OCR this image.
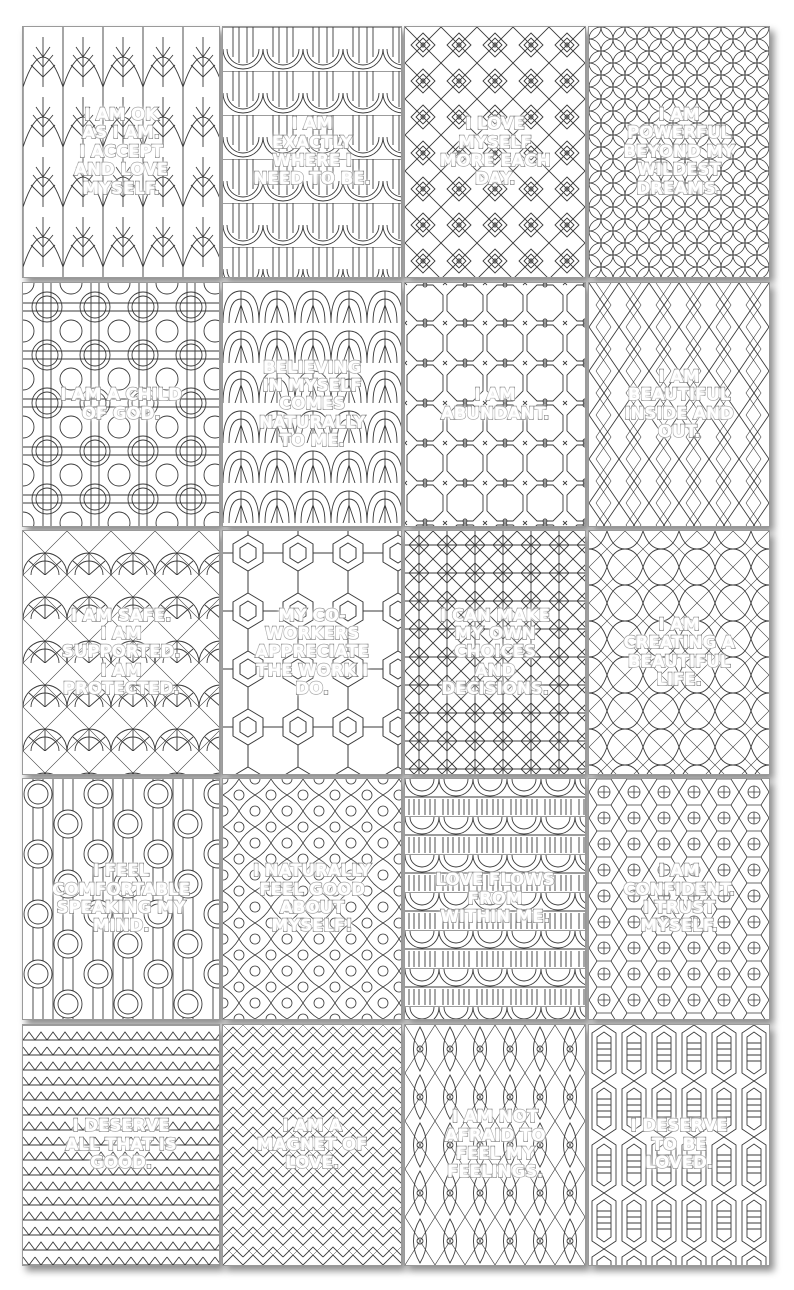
I AM OK
AS I AM.
I ACCEPT
AND LOVE
MYSELF.
I AM
EXACTLY
WHERE I
NEED TO BE.
I LOVE
MYSELF
MORE EACH
DAY.
I AM
POWERFUL
BEYOND MY
WILDEST
DREAMS.
I AM A CHILD
OF GOD.
BELIEVING
IN MYSELF
COMES
NATURALLY
TO ME.
I AM
ABUNDANT.
I AM
BEAUTIFUL
INSIDE AND
OUT.
I AM SAFE.
I AM
SUPPORTED.
I AM
PROTECTED.
MY CO-
WORKERS
APPRECIATE
THE WORK I
DO.
I CAN MAKE
MY OWN
CHOICES
AND
DECISIONS.
I AM
CREATING A
BEAUTIFUL
LIFE.
I FEEL
COMFORTABLE
SPEAKING MY
MIND.
I NATURALLY
FEEL GOOD
ABOUT
MYSELF!
LOVE FLOWS
FROM
WITHIN ME.
I AM
CONFIDENT.
I TRUST
MYSELF.
I DESERVE
ALL THAT IS
GOOD.
I AM A
MAGNET OF
LOVE.
I AM NOT
AFRAID TO
FEEL MY
FEELINGS.
I DESERVE
TO BE
LOVED.
